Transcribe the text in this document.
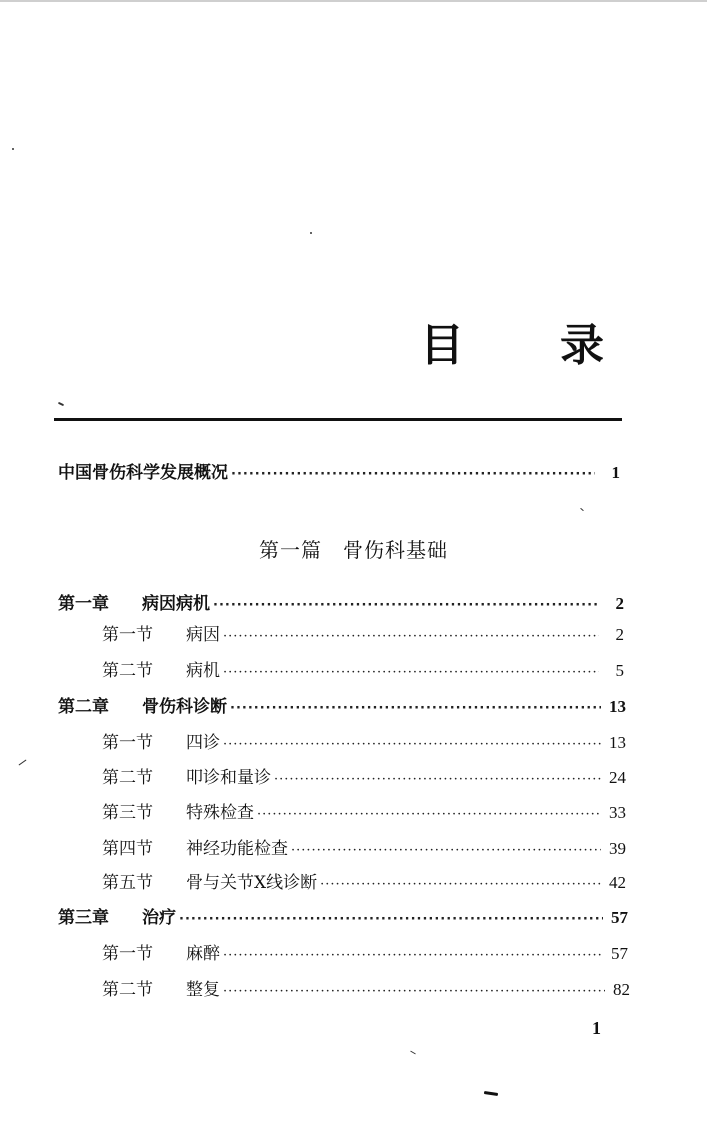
目 录
中国骨伤科学发展概况 ·····	1
第一篇　骨伤科基础
第一章 病因病机 ·····	2
第一节 病因 ·····	2
第二节 病机 ·····	5
第二章 骨伤科诊断 ·····	13
第一节 四诊 ·····	13
第二节 叩诊和量诊 ·····	24
第三节 特殊检查 ·····	33
第四节 神经功能检查 ·····	39
第五节 骨与关节X线诊断 ·····	42
第三章 治疗 ·····	57
第一节 麻醉 ·····	57
第二节 整复 ·····	82
1
